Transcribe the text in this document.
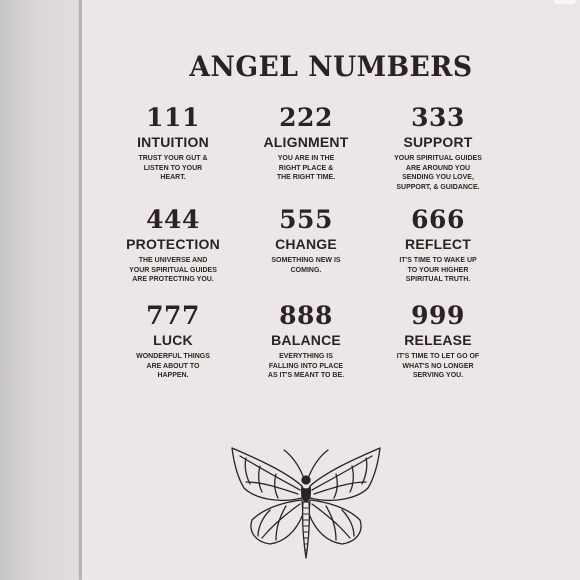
ANGEL NUMBERS
111
INTUITION
TRUST YOUR GUT &
LISTEN TO YOUR
HEART.
222
ALIGNMENT
YOU ARE IN THE
RIGHT PLACE &
THE RIGHT TIME.
333
SUPPORT
YOUR SPIRITUAL GUIDES
ARE AROUND YOU
SENDING YOU LOVE,
SUPPORT, & GUIDANCE.
444
PROTECTION
THE UNIVERSE AND
YOUR SPIRITUAL GUIDES
ARE PROTECTING YOU.
555
CHANGE
SOMETHING NEW IS
COMING.
666
REFLECT
IT'S TIME TO WAKE UP
TO YOUR HIGHER
SPIRITUAL TRUTH.
777
LUCK
WONDERFUL THINGS
ARE ABOUT TO
HAPPEN.
888
BALANCE
EVERYTHING IS
FALLING INTO PLACE
AS IT'S MEANT TO BE.
999
RELEASE
IT'S TIME TO LET GO OF
WHAT'S NO LONGER
SERVING YOU.
